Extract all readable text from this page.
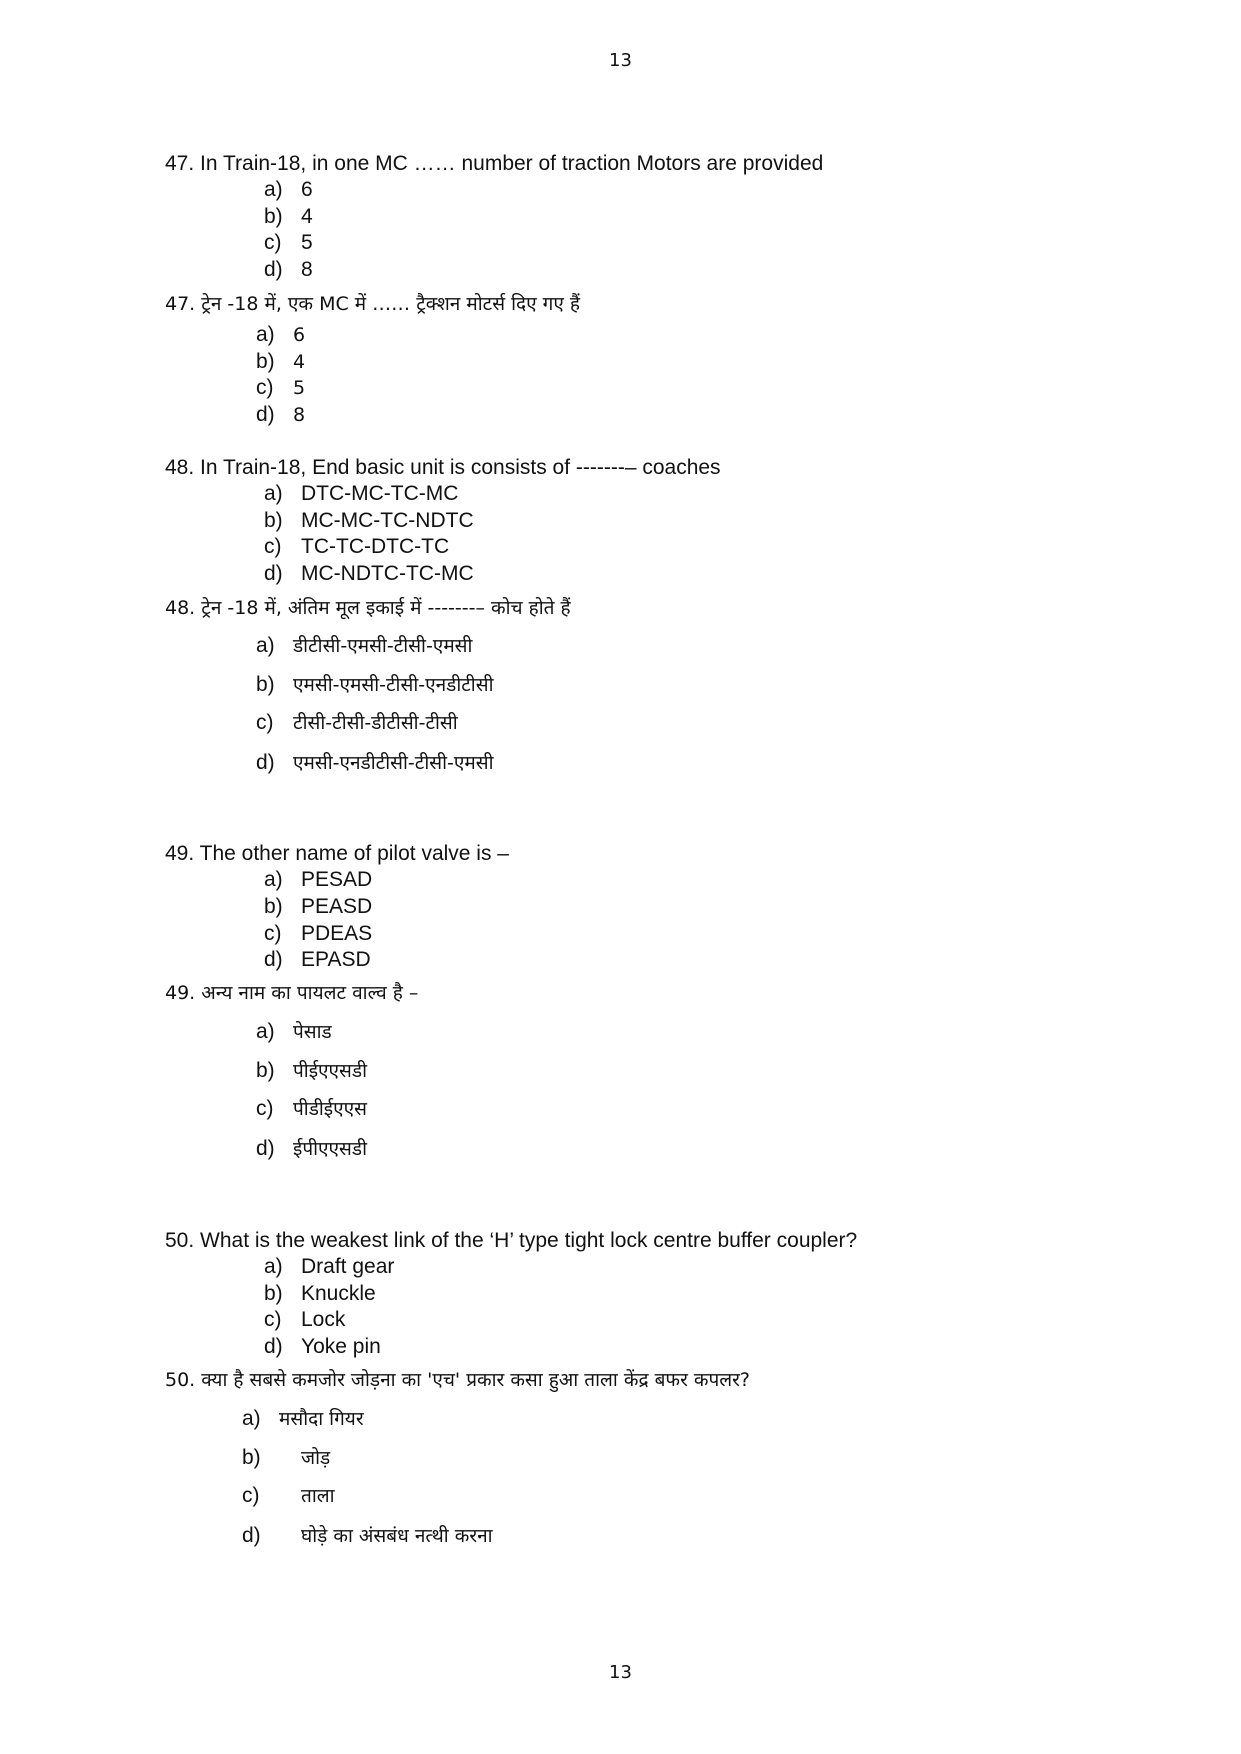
13
47. In Train-18, in one MC …… number of traction Motors are provided
a) 6
b) 4
c) 5
d) 8
47. ट्रेन -18 में, एक MC में …… ट्रैक्शन मोटर्स दिए गए हैं
a) 6
b) 4
c) 5
d) 8
48. In Train-18, End basic unit is consists of -------– coaches
a) DTC-MC-TC-MC
b) MC-MC-TC-NDTC
c) TC-TC-DTC-TC
d) MC-NDTC-TC-MC
48. ट्रेन -18 में, अंतिम मूल इकाई में -------– कोच होते हैं
a) डीटीसी-एमसी-टीसी-एमसी
b) एमसी-एमसी-टीसी-एनडीटीसी
c) टीसी-टीसी-डीटीसी-टीसी
d) एमसी-एनडीटीसी-टीसी-एमसी
49. The other name of pilot valve is –
a) PESAD
b) PEASD
c) PDEAS
d) EPASD
49. अन्य नाम का पायलट वाल्व है –
a) पेसाड
b) पीईएएसडी
c) पीडीईएएस
d) ईपीएएसडी
50. What is the weakest link of the ‘H’ type tight lock centre buffer coupler?
a) Draft gear
b) Knuckle
c) Lock
d) Yoke pin
50. क्या है सबसे कमजोर जोड़ना का 'एच' प्रकार कसा हुआ ताला केंद्र बफर कपलर?
a) मसौदा गियर
b) जोड़
c) ताला
d) घोड़े का अंसबंध नत्थी करना
13
